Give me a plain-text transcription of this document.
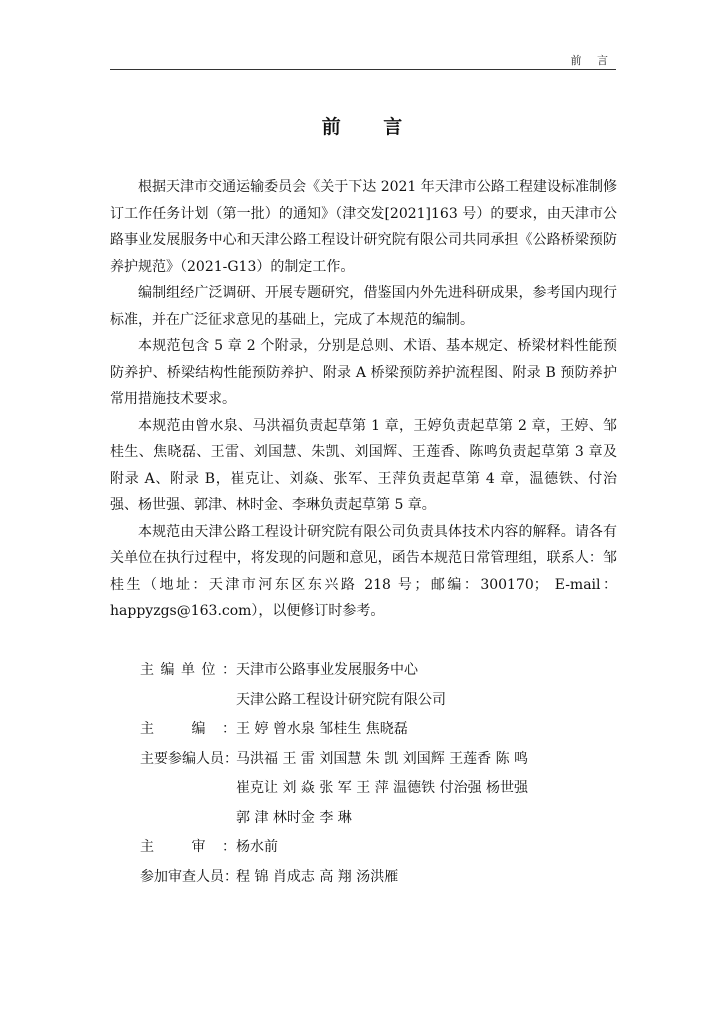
前 言
前 言

根据天津市交通运输委员会《关于下达 2021 年天津市公路工程建设标准制修订工作任务计划（第一批）的通知》（津交发[2021]163 号）的要求，由天津市公路事业发展服务中心和天津公路工程设计研究院有限公司共同承担《公路桥梁预防养护规范》（2021-G13）的制定工作。

编制组经广泛调研、开展专题研究，借鉴国内外先进科研成果，参考国内现行标准，并在广泛征求意见的基础上，完成了本规范的编制。

本规范包含 5 章 2 个附录，分别是总则、术语、基本规定、桥梁材料性能预防养护、桥梁结构性能预防养护、附录 A 桥梁预防养护流程图、附录 B 预防养护常用措施技术要求。

本规范由曾水泉、马洪福负责起草第 1 章，王婷负责起草第 2 章，王婷、邹桂生、焦晓磊、王雷、刘国慧、朱凯、刘国辉、王莲香、陈鸣负责起草第 3 章及附录 A、附录 B，崔克让、刘焱、张军、王萍负责起草第 4 章，温德铁、付治强、杨世强、郭津、林时金、李琳负责起草第 5 章。

本规范由天津公路工程设计研究院有限公司负责具体技术内容的解释。请各有关单位在执行过程中，将发现的问题和意见，函告本规范日常管理组，联系人：邹桂生（地址：天津市河东区东兴路 218 号；邮编：300170； E-mail：happyzgs@163.com），以便修订时参考。

主编单位： 天津市公路事业发展服务中心
天津公路工程设计研究院有限公司
主 编： 王 婷 曾水泉 邹桂生 焦晓磊
主要参编人员：
马洪福 王 雷 刘国慧 朱 凯 刘国辉 王莲香 陈 鸣
崔克让 刘 焱 张 军 王 萍 温德铁 付治强 杨世强
郭 津 林时金 李 琳
主 审： 杨水前
参加审查人员：
程 锦 肖成志 高 翔 汤洪雁
